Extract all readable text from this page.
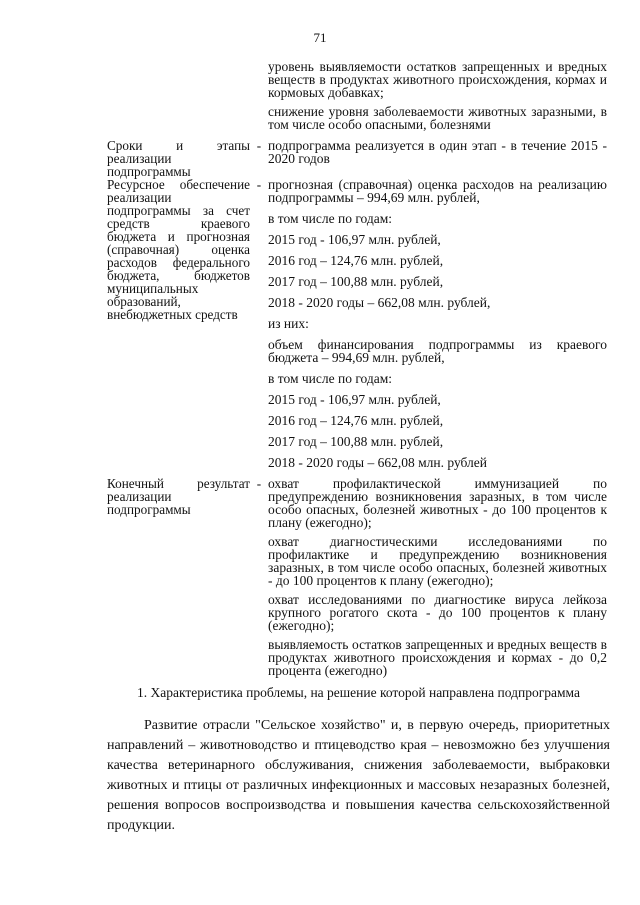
71

уровень выявляемости остатков запрещенных и вредных веществ в продуктах животного происхождения, кормах и кормовых добавках;

снижение уровня заболеваемости животных заразными, в том числе особо опасными, болезнями

Сроки и этапы реализации подпрограммы
- подпрограмма реализуется в один этап - в течение 2015 - 2020 годов

Ресурсное обеспечение реализации подпрограммы за счет средств краевого бюджета и прогнозная (справочная) оценка расходов федерального бюджета, бюджетов муниципальных образований, внебюджетных средств
- прогнозная (справочная) оценка расходов на реализацию подпрограммы – 994,69 млн. рублей,

в том числе по годам:

2015 год - 106,97 млн. рублей,

2016 год – 124,76 млн. рублей,

2017 год – 100,88 млн. рублей,

2018 - 2020 годы – 662,08 млн. рублей,

из них:

объем финансирования подпрограммы из краевого бюджета – 994,69 млн. рублей,

в том числе по годам:

2015 год - 106,97 млн. рублей,

2016 год – 124,76 млн. рублей,

2017 год – 100,88 млн. рублей,

2018 - 2020 годы – 662,08 млн. рублей

Конечный результат реализации подпрограммы
- охват профилактической иммунизацией по предупреждению возникновения заразных, в том числе особо опасных, болезней животных - до 100 процентов к плану (ежегодно);

охват диагностическими исследованиями по профилактике и предупреждению возникновения заразных, в том числе особо опасных, болезней животных - до 100 процентов к плану (ежегодно);

охват исследованиями по диагностике вируса лейкоза крупного рогатого скота - до 100 процентов к плану (ежегодно);

выявляемость остатков запрещенных и вредных веществ в продуктах животного происхождения и кормах - до 0,2 процента (ежегодно)

1. Характеристика проблемы, на решение которой направлена подпрограмма
Развитие отрасли "Сельское хозяйство" и, в первую очередь, приоритетных направлений – животноводство и птицеводство края – невозможно без улучшения качества ветеринарного обслуживания, снижения заболеваемости, выбраковки животных и птицы от различных инфекционных и массовых незаразных болезней, решения вопросов воспроизводства и повышения качества сельскохозяйственной продукции.
